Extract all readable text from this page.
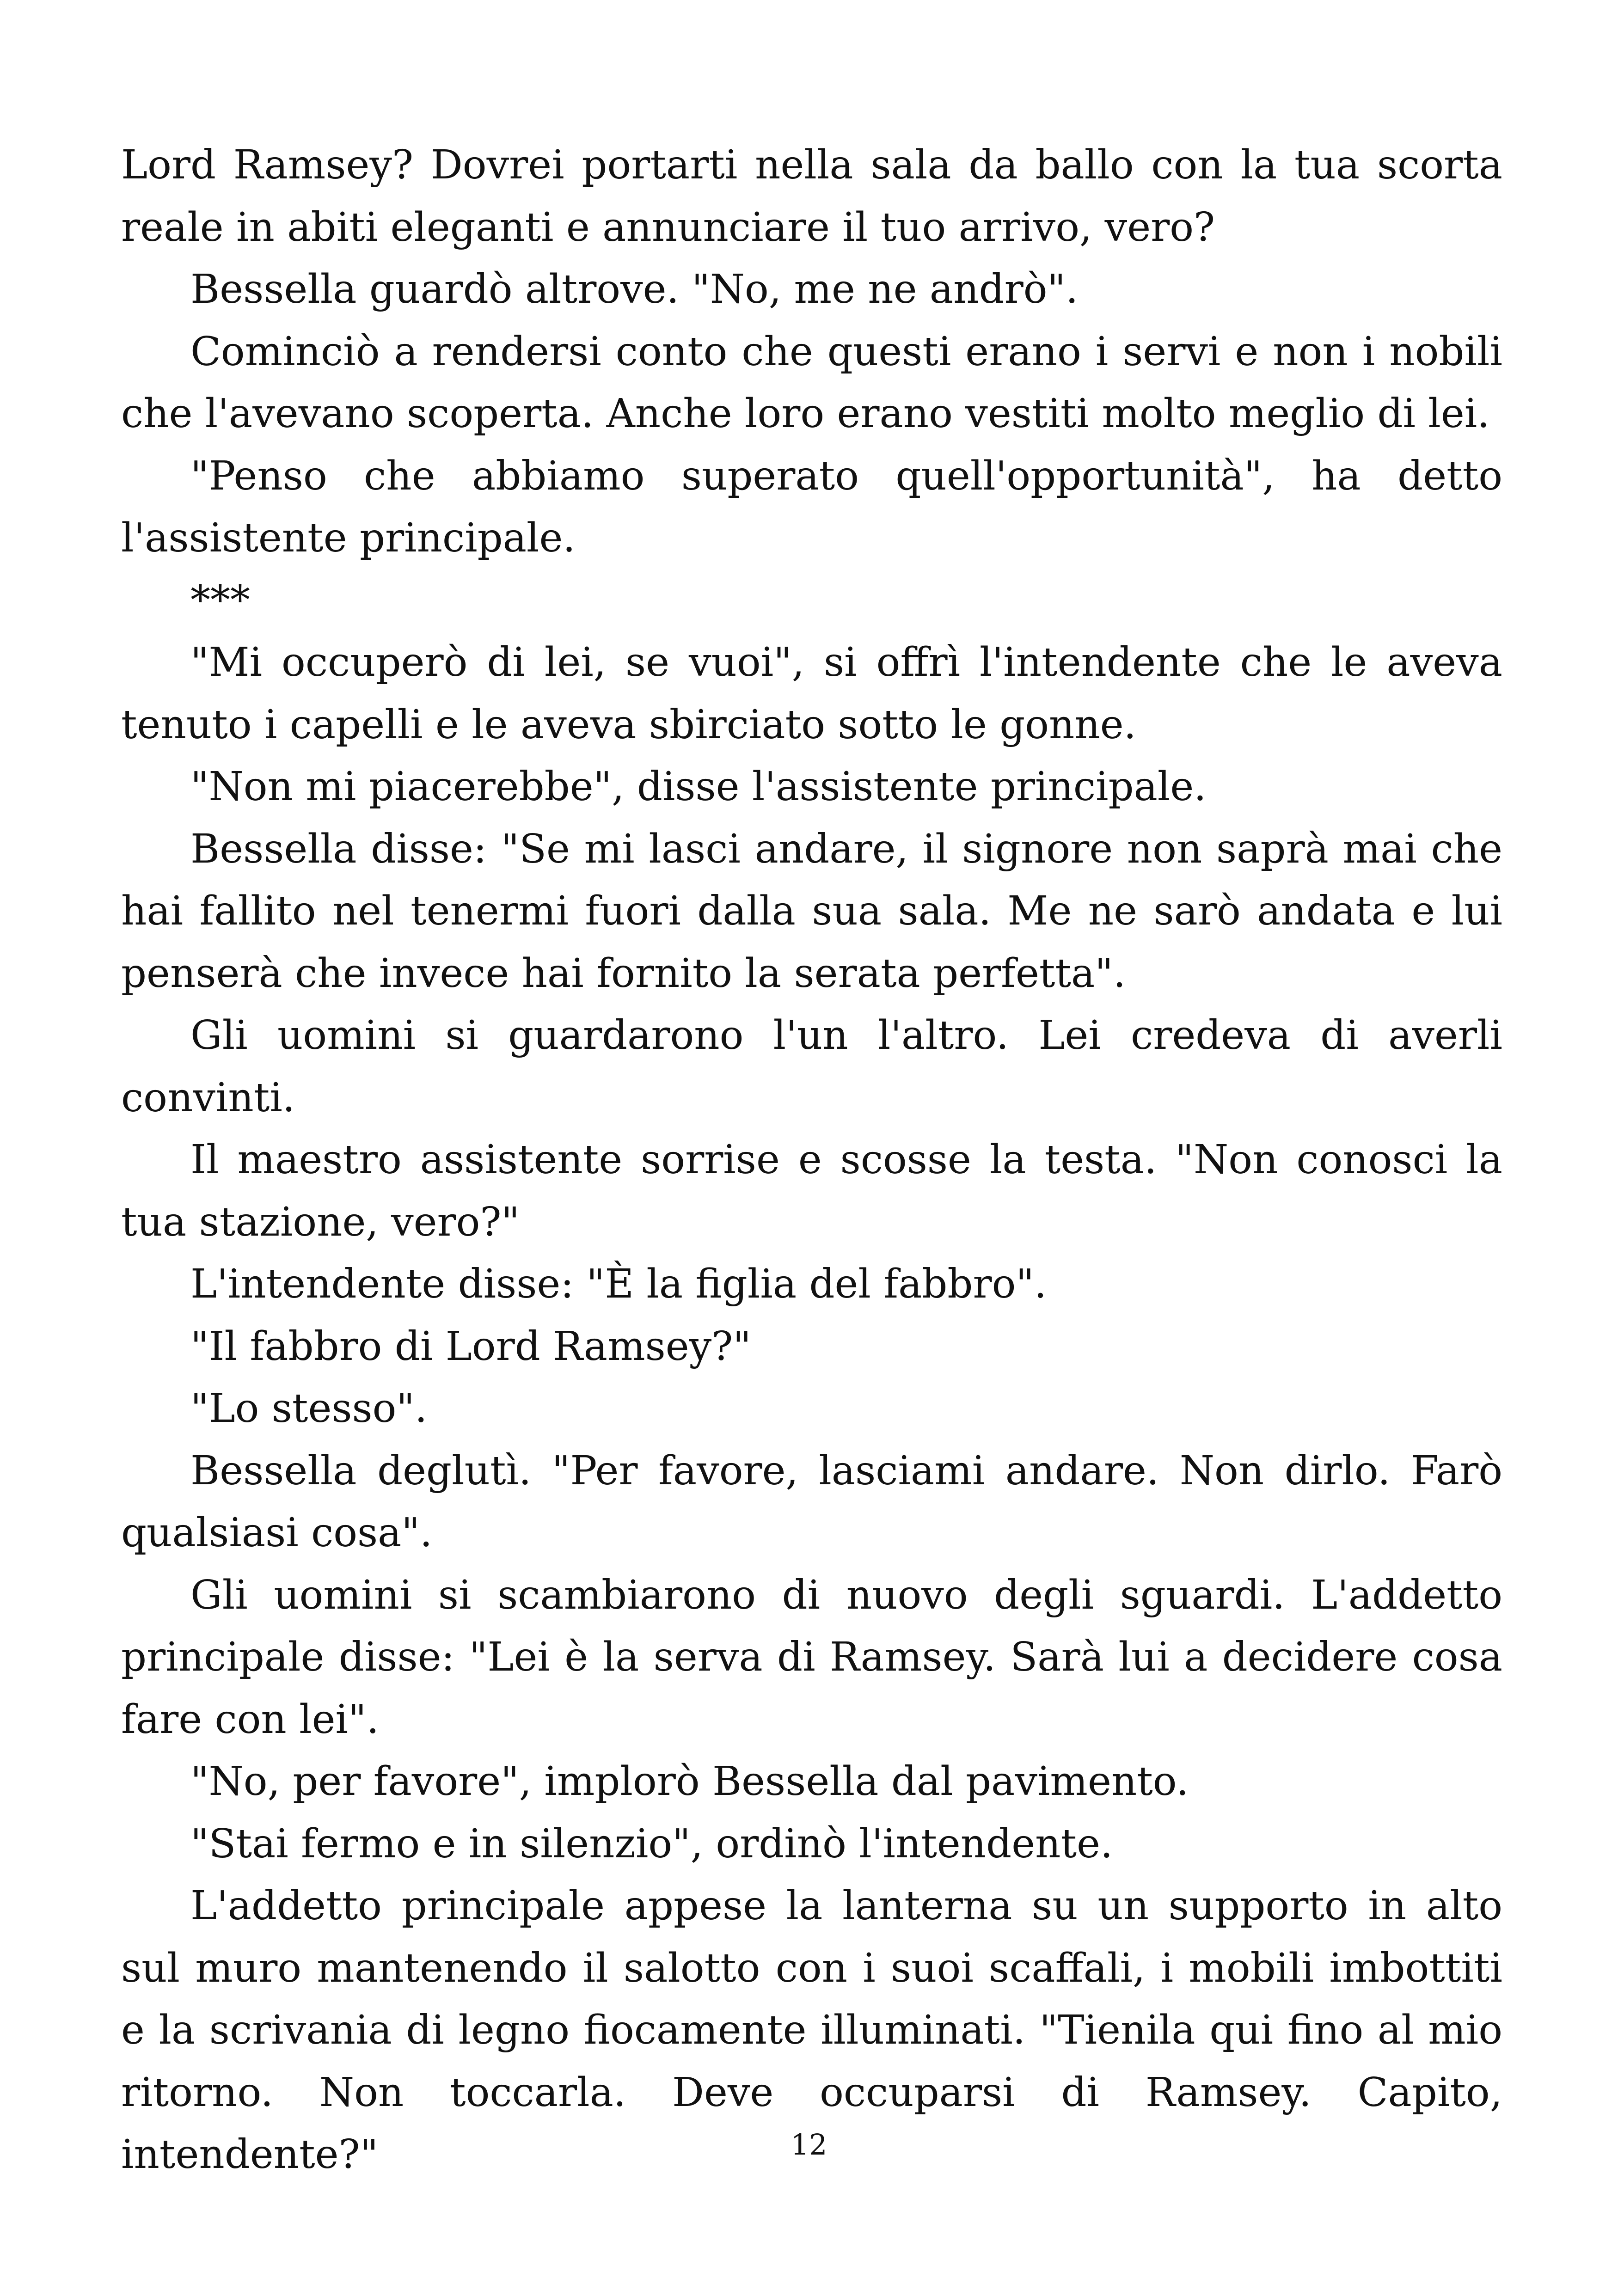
Lord Ramsey? Dovrei portarti nella sala da ballo con la tua scorta reale in abiti eleganti e annunciare il tuo arrivo, vero?

Bessella guardò altrove. "No, me ne andrò".

Cominciò a rendersi conto che questi erano i servi e non i nobili che l'avevano scoperta. Anche loro erano vestiti molto meglio di lei.

"Penso che abbiamo superato quell'opportunità", ha detto l'assistente principale.

***

"Mi occuperò di lei, se vuoi", si offrì l'intendente che le aveva tenuto i capelli e le aveva sbirciato sotto le gonne.

"Non mi piacerebbe", disse l'assistente principale.

Bessella disse: "Se mi lasci andare, il signore non saprà mai che hai fallito nel tenermi fuori dalla sua sala. Me ne sarò andata e lui penserà che invece hai fornito la serata perfetta".

Gli uomini si guardarono l'un l'altro. Lei credeva di averli convinti.

Il maestro assistente sorrise e scosse la testa. "Non conosci la tua stazione, vero?"

L'intendente disse: "È la figlia del fabbro".

"Il fabbro di Lord Ramsey?"

"Lo stesso".

Bessella deglutì. "Per favore, lasciami andare. Non dirlo. Farò qualsiasi cosa".

Gli uomini si scambiarono di nuovo degli sguardi. L'addetto principale disse: "Lei è la serva di Ramsey. Sarà lui a decidere cosa fare con lei".

"No, per favore", implorò Bessella dal pavimento.

"Stai fermo e in silenzio", ordinò l'intendente.

L'addetto principale appese la lanterna su un supporto in alto sul muro mantenendo il salotto con i suoi scaffali, i mobili imbottiti e la scrivania di legno fiocamente illuminati. "Tienila qui fino al mio ritorno. Non toccarla. Deve occuparsi di Ramsey. Capito, intendente?"	12
